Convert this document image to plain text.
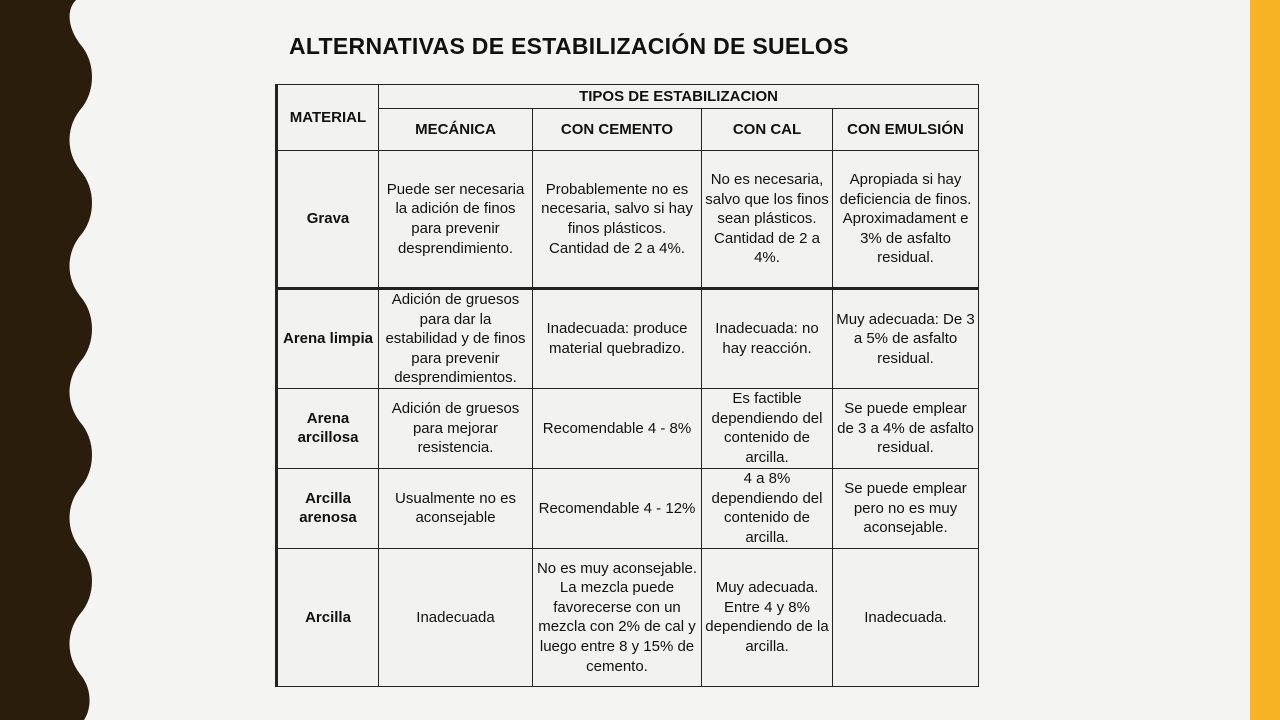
ALTERNATIVAS DE ESTABILIZACIÓN DE SUELOS
MATERIAL	TIPOS DE ESTABILIZACION			
	MECÁNICA	CON CEMENTO	CON CAL	CON EMULSIÓN
Grava	Puede ser necesaria la adición de finos para prevenir desprendimiento.	Probablemente no es necesaria, salvo si hay finos plásticos. Cantidad de 2 a 4%.	No es necesaria, salvo que los finos sean plásticos. Cantidad de 2 a 4%.	Apropiada si hay deficiencia de finos. Aproximadament e 3% de asfalto residual.
Arena limpia	Adición de gruesos para dar la estabilidad y de finos para prevenir desprendimientos.	Inadecuada: produce material quebradizo.	Inadecuada: no hay reacción.	Muy adecuada: De 3 a 5% de asfalto residual.
Arena arcillosa	Adición de gruesos para mejorar resistencia.	Recomendable 4 - 8%	Es factible dependiendo del contenido de arcilla.	Se puede emplear de 3 a 4% de asfalto residual.
Arcilla arenosa	Usualmente no es aconsejable	Recomendable 4 - 12%	4 a 8% dependiendo del contenido de arcilla.	Se puede emplear pero no es muy aconsejable.
Arcilla	Inadecuada	No es muy aconsejable. La mezcla puede favorecerse con un mezcla con 2% de cal y luego entre 8 y 15% de cemento.	Muy adecuada. Entre 4 y 8% dependiendo de la arcilla.	Inadecuada.
